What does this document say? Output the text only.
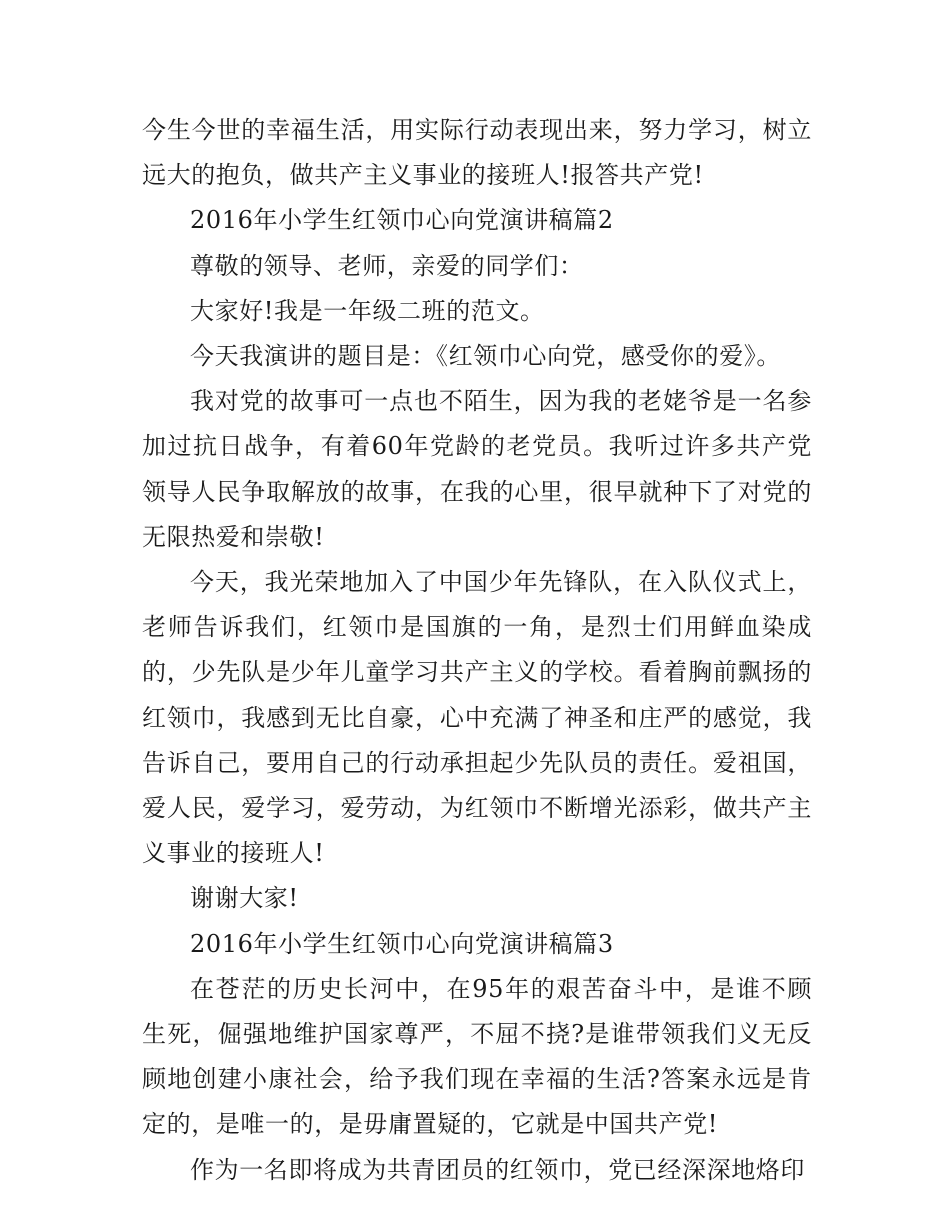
今生今世的幸福生活，用实际行动表现出来，努力学习，树立远大的抱负，做共产主义事业的接班人!报答共产党!

2016年小学生红领巾心向党演讲稿篇2

尊敬的领导、老师，亲爱的同学们：

大家好!我是一年级二班的范文。

今天我演讲的题目是：《红领巾心向党，感受你的爱》。

我对党的故事可一点也不陌生，因为我的老姥爷是一名参加过抗日战争，有着60年党龄的老党员。我听过许多共产党领导人民争取解放的故事，在我的心里，很早就种下了对党的无限热爱和崇敬!

今天，我光荣地加入了中国少年先锋队，在入队仪式上，老师告诉我们，红领巾是国旗的一角，是烈士们用鲜血染成的，少先队是少年儿童学习共产主义的学校。看着胸前飘扬的红领巾，我感到无比自豪，心中充满了神圣和庄严的感觉，我告诉自己，要用自己的行动承担起少先队员的责任。爱祖国，爱人民，爱学习，爱劳动，为红领巾不断增光添彩，做共产主义事业的接班人!

谢谢大家!

2016年小学生红领巾心向党演讲稿篇3

在苍茫的历史长河中，在95年的艰苦奋斗中，是谁不顾生死，倔强地维护国家尊严，不屈不挠?是谁带领我们义无反顾地创建小康社会，给予我们现在幸福的生活?答案永远是肯定的，是唯一的，是毋庸置疑的，它就是中国共产党!

作为一名即将成为共青团员的红领巾，党已经深深地烙印
